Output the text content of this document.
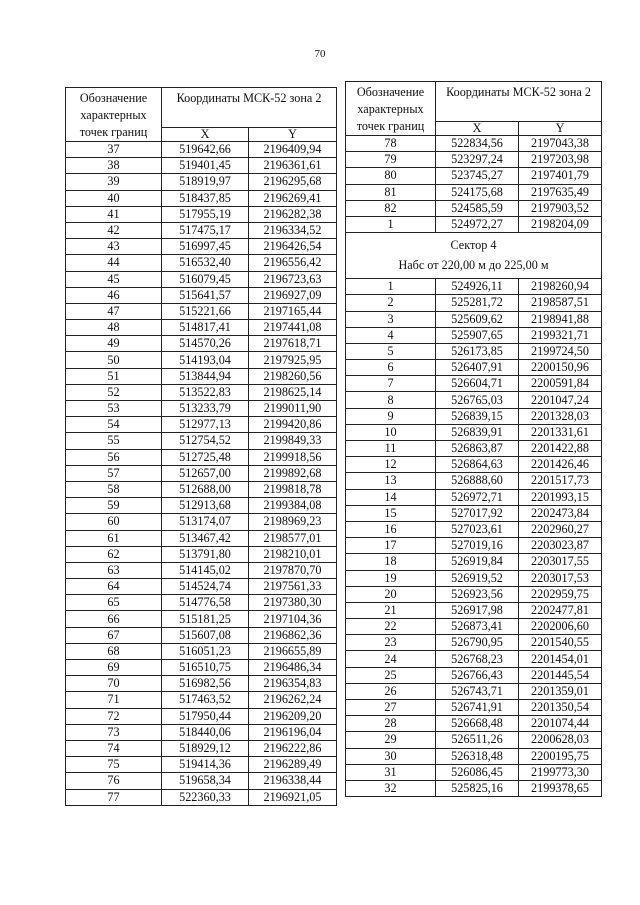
70
Обозначение характерных точек границ	Координаты МСК-52 зона 2	
	X	Y
37	519642,66	2196409,94
38	519401,45	2196361,61
39	518919,97	2196295,68
40	518437,85	2196269,41
41	517955,19	2196282,38
42	517475,17	2196334,52
43	516997,45	2196426,54
44	516532,40	2196556,42
45	516079,45	2196723,63
46	515641,57	2196927,09
47	515221,66	2197165,44
48	514817,41	2197441,08
49	514570,26	2197618,71
50	514193,04	2197925,95
51	513844,94	2198260,56
52	513522,83	2198625,14
53	513233,79	2199011,90
54	512977,13	2199420,86
55	512754,52	2199849,33
56	512725,48	2199918,56
57	512657,00	2199892,68
58	512688,00	2199818,78
59	512913,68	2199384,08
60	513174,07	2198969,23
61	513467,42	2198577,01
62	513791,80	2198210,01
63	514145,02	2197870,70
64	514524,74	2197561,33
65	514776,58	2197380,30
66	515181,25	2197104,36
67	515607,08	2196862,36
68	516051,23	2196655,89
69	516510,75	2196486,34
70	516982,56	2196354,83
71	517463,52	2196262,24
72	517950,44	2196209,20
73	518440,06	2196196,04
74	518929,12	2196222,86
75	519414,36	2196289,49
76	519658,34	2196338,44
77	522360,33	2196921,05
Обозначение характерных точек границ	Координаты МСК-52 зона 2	
	X	Y
78	522834,56	2197043,38
79	523297,24	2197203,98
80	523745,27	2197401,79
81	524175,68	2197635,49
82	524585,59	2197903,52
1	524972,27	2198204,09

Сектор 4
Набс от 220,00 м до 225,00 м		

1	524926,11	2198260,94
2	525281,72	2198587,51
3	525609,62	2198941,88
4	525907,65	2199321,71
5	526173,85	2199724,50
6	526407,91	2200150,96
7	526604,71	2200591,84
8	526765,03	2201047,24
9	526839,15	2201328,03
10	526839,91	2201331,61
11	526863,87	2201422,88
12	526864,63	2201426,46
13	526888,60	2201517,73
14	526972,71	2201993,15
15	527017,92	2202473,84
16	527023,61	2202960,27
17	527019,16	2203023,87
18	526919,84	2203017,55
19	526919,52	2203017,53
20	526923,56	2202959,75
21	526917,98	2202477,81
22	526873,41	2202006,60
23	526790,95	2201540,55
24	526768,23	2201454,01
25	526766,43	2201445,54
26	526743,71	2201359,01
27	526741,91	2201350,54
28	526668,48	2201074,44
29	526511,26	2200628,03
30	526318,48	2200195,75
31	526086,45	2199773,30
32	525825,16	2199378,65
